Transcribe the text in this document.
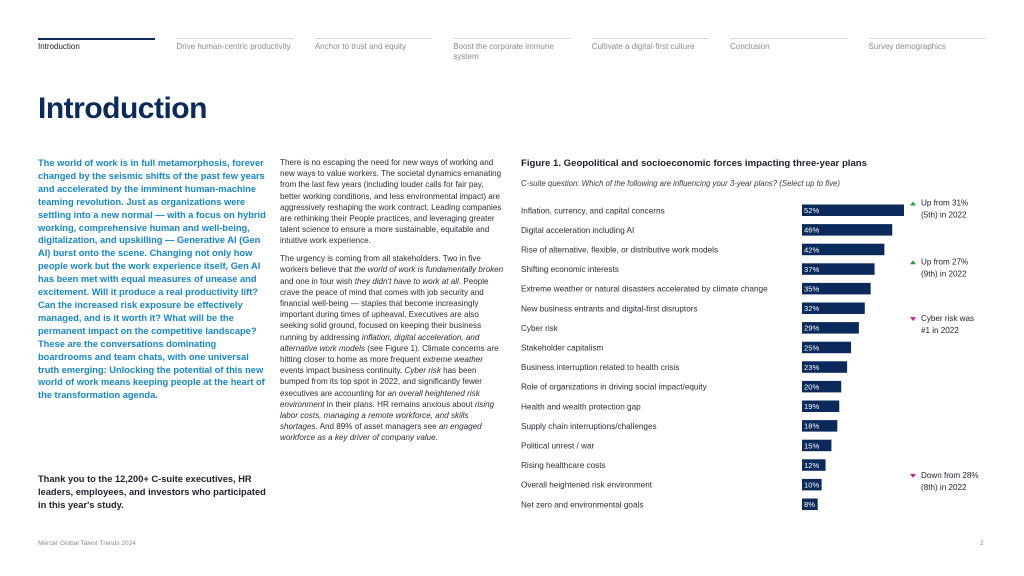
Introduction	Drive human-centric productivity	Anchor to trust and equity	Boost the corporate immune system
Cultivate a digital-first culture	Conclusion	Survey demographics
Introduction
The world of work is in full metamorphosis, forever changed by the seismic shifts of the past few years and accelerated by the imminent human-machine teaming revolution. Just as organizations were settling into a new normal — with a focus on hybrid working, comprehensive human and well-being, digitalization, and upskilling — Generative AI (Gen AI) burst onto the scene. Changing not only how people work but the work experience itself, Gen AI has been met with equal measures of unease and excitement. Will it produce a real productivity lift? Can the increased risk exposure be effectively managed, and is it worth it? What will be the permanent impact on the competitive landscape? These are the conversations dominating boardrooms and team chats, with one universal truth emerging: Unlocking the potential of this new world of work means keeping people at the heart of the transformation agenda.
Thank you to the 12,200+ C-suite executives, HR leaders, employees, and investors who participated in this year's study.

There is no escaping the need for new ways of working and new ways to value workers. The societal dynamics emanating from the last few years (including louder calls for fair pay, better working conditions, and less environmental impact) are aggressively reshaping the work contract. Leading companies are rethinking their People practices, and leveraging greater talent science to ensure a more sustainable, equitable and intuitive work experience.

The urgency is coming from all stakeholders. Two in five workers believe that the world of work is fundamentally broken and one in four wish they didn't have to work at all. People crave the peace of mind that comes with job security and financial well-being — staples that become increasingly important during times of upheaval. Executives are also seeking solid ground, focused on keeping their business running by addressing inflation, digital acceleration, and alternative work models (see Figure 1). Climate concerns are hitting closer to home as more frequent extreme weather events impact business continuity. Cyber risk has been bumped from its top spot in 2022, and significantly fewer executives are accounting for an overall heightened risk environment in their plans. HR remains anxious about rising labor costs, managing a remote workforce, and skills shortages. And 89% of asset managers see an engaged workforce as a key driver of company value.

Figure 1. Geopolitical and socioeconomic forces impacting three-year plans
C-suite question: Which of the following are influencing your 3-year plans? (Select up to five)
Inflation, currency, and capital concerns	52%
Digital acceleration including AI	46%
Rise of alternative, flexible, or distributive work models	42%
Shifting economic interests	37%
Extreme weather or natural disasters accelerated by climate change	35%
New business entrants and digital-first disruptors	32%
Cyber risk	29%
Stakeholder capitalism	25%
Business interruption related to health crisis	23%
Role of organizations in driving social impact/equity	20%
Health and wealth protection gap	19%
Supply chain interruptions/challenges	18%
Political unrest / war	15%
Rising healthcare costs	12%
Overall heightened risk environment	10%
Net zero and environmental goals	8%
Up from 31%
(5th) in 2022
Up from 27%
(9th) in 2022
Cyber risk was
#1 in 2022
Down from 28%
(8th) in 2022
Mercer Global Talent Trends 2024	2
